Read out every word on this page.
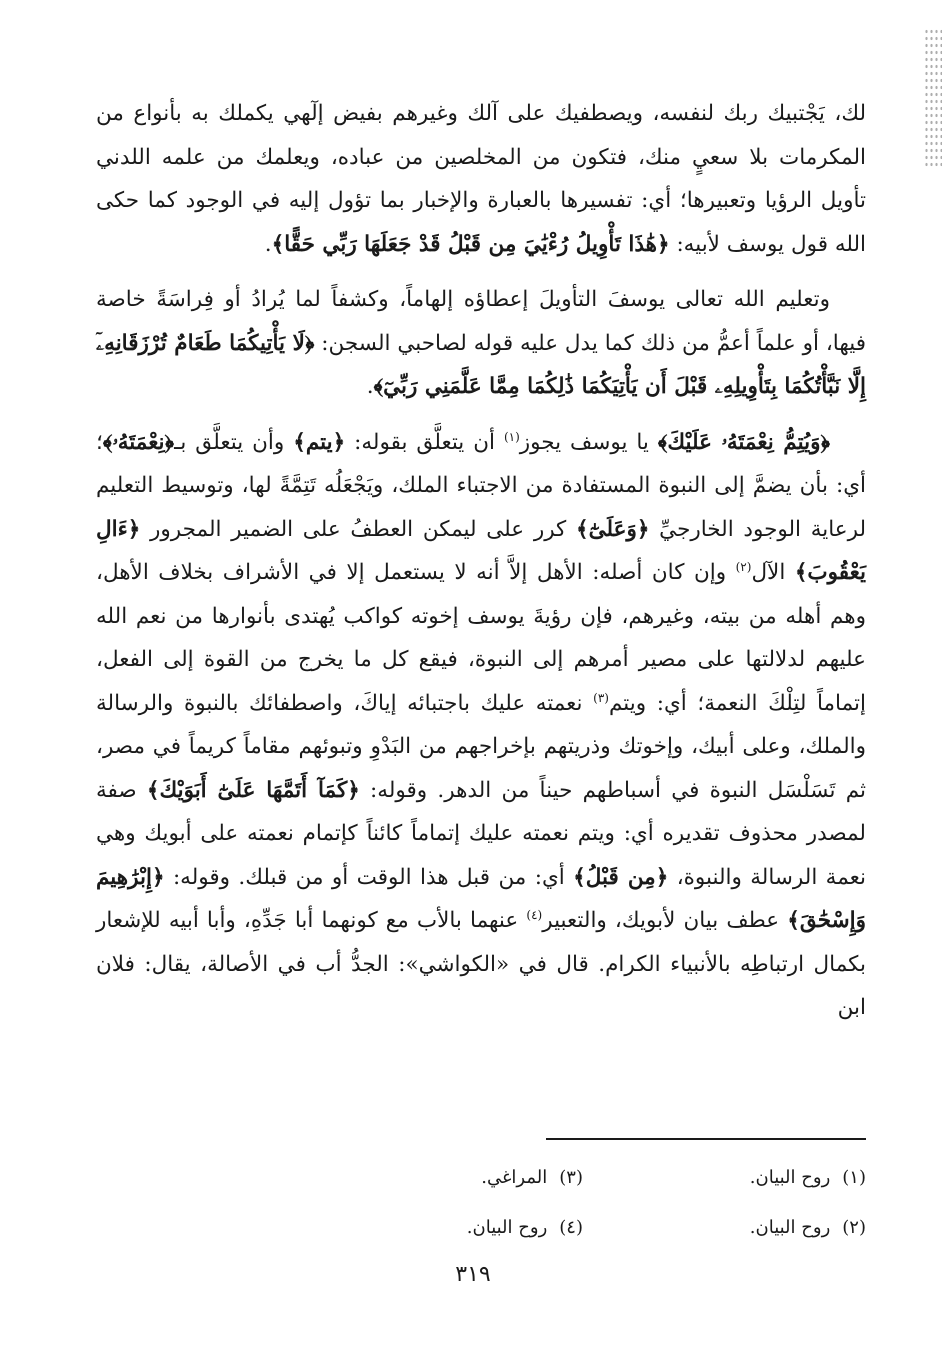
لك، يَجْتبيك ربك لنفسه، ويصطفيك على آلك وغيرهم بفيض إلٓهي يكملك به بأنواع من المكرمات بلا سعيٍ منك، فتكون من المخلصين من عباده، ويعلمك من علمه اللدني تأويل الرؤيا وتعبيرها؛ أي: تفسيرها بالعبارة والإخبار بما تؤول إليه في الوجود كما حكى الله قول يوسف لأبيه: ﴿هَٰذَا تَأْوِيلُ رُءْيَٰيَ مِن قَبْلُ قَدْ جَعَلَهَا رَبِّي حَقًّا﴾.

وتعليم الله تعالى يوسفَ التأويلَ إعطاؤه إلهاماً، وكشفاً لما يُرادُ أو فِراسَةً خاصة فيها، أو علماً أعمُّ من ذلك كما يدل عليه قوله لصاحبي السجن: ﴿لَا يَأْتِيكُمَا طَعَامٌ تُرْزَقَانِهِۦٓ إِلَّا نَبَّأْتُكُمَا بِتَأْوِيلِهِۦ قَبْلَ أَن يَأْتِيَكُمَا ذَٰلِكُمَا مِمَّا عَلَّمَنِي رَبِّيٓ﴾.

﴿وَيُتِمُّ نِعْمَتَهُۥ عَلَيْكَ﴾ يا يوسف يجوز$^{(١)}$ أن يتعلَّق بقوله: ﴿يتم﴾ وأن يتعلَّق بـ﴿نِعْمَتَهُۥ﴾؛ أي: بأن يضمَّ إلى النبوة المستفادة من الاجتباء الملك، ويَجْعَلُه تَتِمَّةً لها، وتوسيط التعليم لرعاية الوجود الخارجيِّ ﴿وَعَلَىٰٓ﴾ كرر على ليمكن العطفُ على الضمير المجرور ﴿ءَالِ يَعْقُوبَ﴾ الآل$^{(٢)}$ وإن كان أصله: الأهل إلاَّ أنه لا يستعمل إلا في الأشراف بخلاف الأهل، وهم أهله من بيته، وغيرهم، فإن رؤيةَ يوسف إخوته كواكب يُهتدى بأنوارها من نعم الله عليهم لدلالتها على مصير أمرهم إلى النبوة، فيقع كل ما يخرج من القوة إلى الفعل، إتماماً لتِلْكَ النعمة؛ أي: ويتم$^{(٣)}$ نعمته عليك باجتبائه إياكَ، واصطفائك بالنبوة والرسالة والملك، وعلى أبيك، وإخوتك وذريتهم بإخراجهم من البَدْوِ وتبوئهم مقاماً كريماً في مصر، ثم تَسَلْسَل النبوة في أسباطهم حيناً من الدهر. وقوله: ﴿كَمَآ أَتَمَّهَا عَلَىٰٓ أَبَوَيْكَ﴾ صفة لمصدر محذوف تقديره أي: ويتم نعمته عليك إتماماً كائناً كإتمام نعمته على أبويك وهي نعمة الرسالة والنبوة، ﴿مِن قَبْلُ﴾ أي: من قبل هذا الوقت أو من قبلك. وقوله: ﴿إِبْرَٰهِيمَ وَإِسْحَٰقَ﴾ عطف بيان لأبويك، والتعبير$^{(٤)}$ عنهما بالأب مع كونهما أبا جَدِّهِ، وأبا أبيه للإشعار بكمال ارتباطِه بالأنبياء الكرام. قال في «الكواشي»: الجدُّ أب في الأصالة، يقال: فلان ابن

(١)روح البيان.
(٣)المراغي.
(٢)روح البيان.
(٤)روح البيان.
٣١٩
